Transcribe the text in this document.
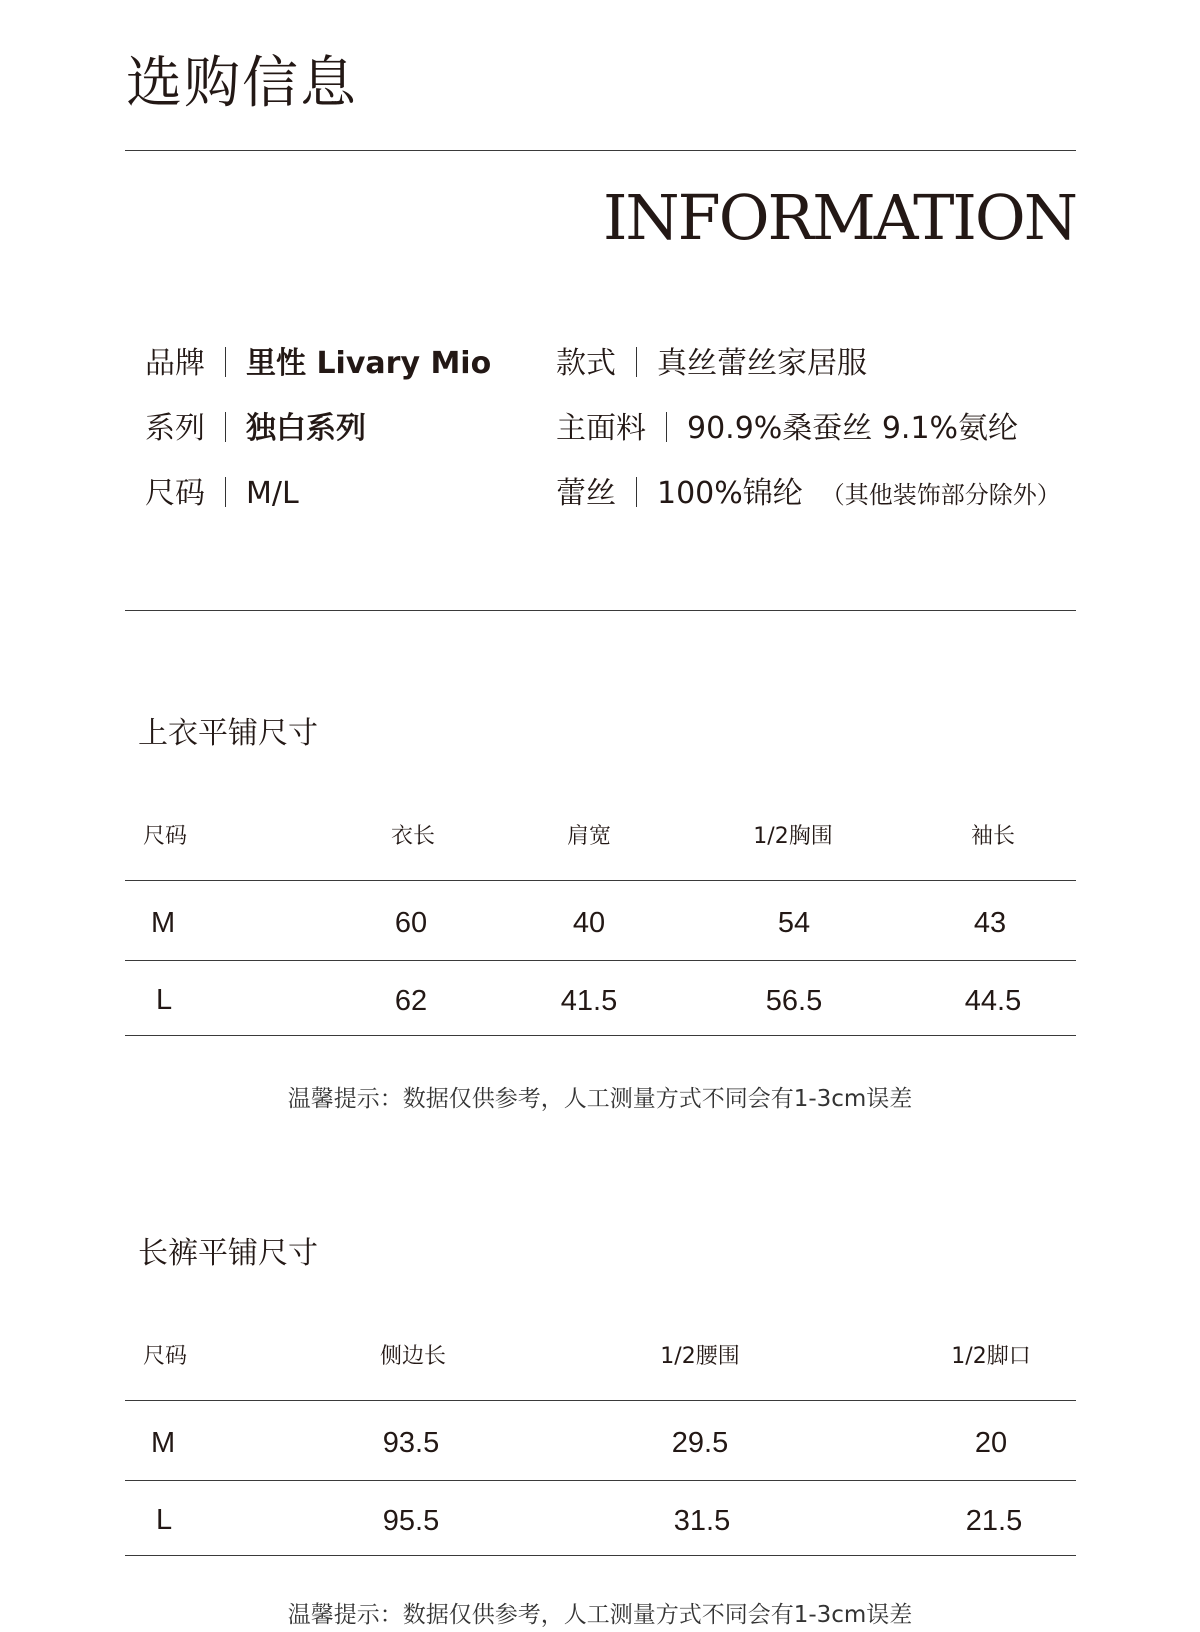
选购信息
INFORMATION
品牌 里性 Livary Mio
系列 独白系列
尺码 M/L
款式 真丝蕾丝家居服
主面料 90.9%桑蚕丝 9.1%氨纶
蕾丝 100%锦纶 （其他装饰部分除外）
上衣平铺尺寸
尺码	衣长	肩宽	1/2胸围	袖长
M	60	40	54	43
L	62	41.5	56.5	44.5
温馨提示：数据仅供参考，人工测量方式不同会有1-3cm误差
长裤平铺尺寸
尺码	侧边长	1/2腰围	1/2脚口
M	93.5	29.5	20
L	95.5	31.5	21.5
温馨提示：数据仅供参考，人工测量方式不同会有1-3cm误差
